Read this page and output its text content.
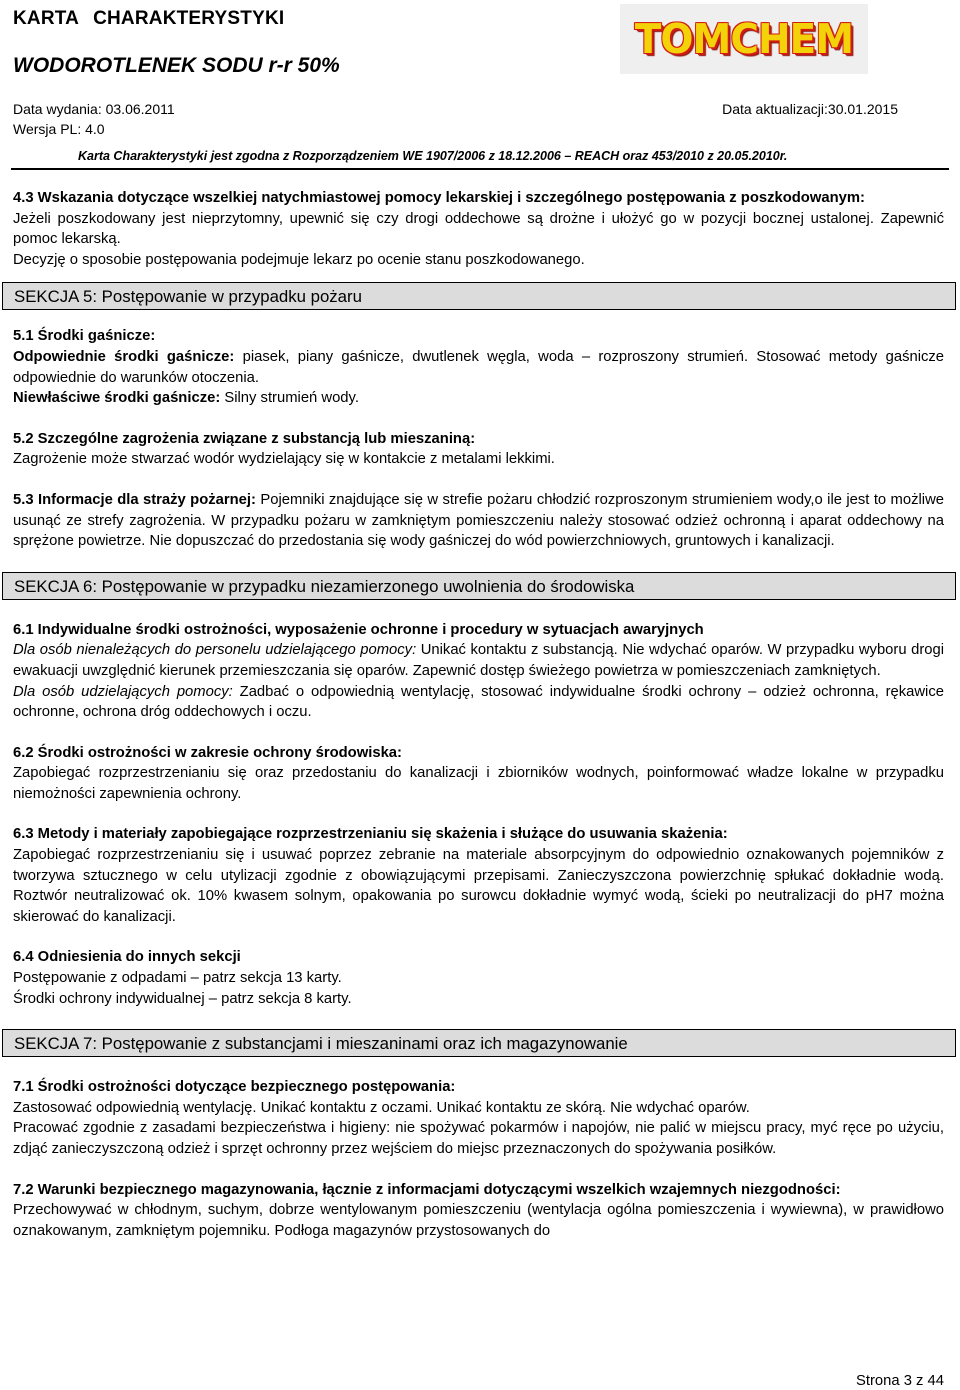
KARTA CHARAKTERYSTYKI
WODOROTLENEK SODU r-r 50%
TOMCHEM
Data wydania: 03.06.2011	Data aktualizacji:30.01.2015
Wersja PL: 4.0
Karta Charakterystyki jest zgodna z Rozporządzeniem WE 1907/2006 z 18.12.2006 – REACH oraz 453/2010 z 20.05.2010r.

4.3 Wskazania dotyczące wszelkiej natychmiastowej pomocy lekarskiej i szczególnego postępowania z poszkodowanym:

Jeżeli poszkodowany jest nieprzytomny, upewnić się czy drogi oddechowe są drożne i ułożyć go w pozycji bocznej ustalonej. Zapewnić pomoc lekarską.

Decyzję o sposobie postępowania podejmuje lekarz po ocenie stanu poszkodowanego.

SEKCJA 5: Postępowanie w przypadku pożaru

5.1 Środki gaśnicze:

Odpowiednie środki gaśnicze: piasek, piany gaśnicze, dwutlenek węgla, woda – rozproszony strumień. Stosować metody gaśnicze odpowiednie do warunków otoczenia.

Niewłaściwe środki gaśnicze: Silny strumień wody.

5.2 Szczególne zagrożenia związane z substancją lub mieszaniną:

Zagrożenie może stwarzać wodór wydzielający się w kontakcie z metalami lekkimi.

5.3 Informacje dla straży pożarnej: Pojemniki znajdujące się w strefie pożaru chłodzić rozproszonym strumieniem wody,o ile jest to możliwe usunąć ze strefy zagrożenia. W przypadku pożaru w zamkniętym pomieszczeniu należy stosować odzież ochronną i aparat oddechowy na sprężone powietrze. Nie dopuszczać do przedostania się wody gaśniczej do wód powierzchniowych, gruntowych i kanalizacji.

SEKCJA 6: Postępowanie w przypadku niezamierzonego uwolnienia do środowiska

6.1 Indywidualne środki ostrożności, wyposażenie ochronne i procedury w sytuacjach awaryjnych

Dla osób nienależących do personelu udzielającego pomocy: Unikać kontaktu z substancją. Nie wdychać oparów. W przypadku wyboru drogi ewakuacji uwzględnić kierunek przemieszczania się oparów. Zapewnić dostęp świeżego powietrza w pomieszczeniach zamkniętych.

Dla osób udzielających pomocy: Zadbać o odpowiednią wentylację, stosować indywidualne środki ochrony – odzież ochronna, rękawice ochronne, ochrona dróg oddechowych i oczu.

6.2 Środki ostrożności w zakresie ochrony środowiska:

Zapobiegać rozprzestrzenianiu się oraz przedostaniu do kanalizacji i zbiorników wodnych, poinformować władze lokalne w przypadku niemożności zapewnienia ochrony.

6.3 Metody i materiały zapobiegające rozprzestrzenianiu się skażenia i służące do usuwania skażenia:

Zapobiegać rozprzestrzenianiu się i usuwać poprzez zebranie na materiale absorpcyjnym do odpowiednio oznakowanych pojemników z tworzywa sztucznego w celu utylizacji zgodnie z obowiązującymi przepisami. Zanieczyszczona powierzchnię spłukać dokładnie wodą. Roztwór neutralizować ok. 10% kwasem solnym, opakowania po surowcu dokładnie wymyć wodą, ścieki po neutralizacji do pH7 można skierować do kanalizacji.

6.4 Odniesienia do innych sekcji

Postępowanie z odpadami – patrz sekcja 13 karty.

Środki ochrony indywidualnej – patrz sekcja 8 karty.

SEKCJA 7: Postępowanie z substancjami i mieszaninami oraz ich magazynowanie

7.1 Środki ostrożności dotyczące bezpiecznego postępowania:

Zastosować odpowiednią wentylację. Unikać kontaktu z oczami. Unikać kontaktu ze skórą. Nie wdychać oparów.

Pracować zgodnie z zasadami bezpieczeństwa i higieny: nie spożywać pokarmów i napojów, nie palić w miejscu pracy, myć ręce po użyciu, zdjąć zanieczyszczoną odzież i sprzęt ochronny przez wejściem do miejsc przeznaczonych do spożywania posiłków.

7.2 Warunki bezpiecznego magazynowania, łącznie z informacjami dotyczącymi wszelkich wzajemnych niezgodności:

Przechowywać w chłodnym, suchym, dobrze wentylowanym pomieszczeniu (wentylacja ogólna pomieszczenia i wywiewna), w prawidłowo oznakowanym, zamkniętym pojemniku. Podłoga magazynów przystosowanych do

Strona 3 z 44
